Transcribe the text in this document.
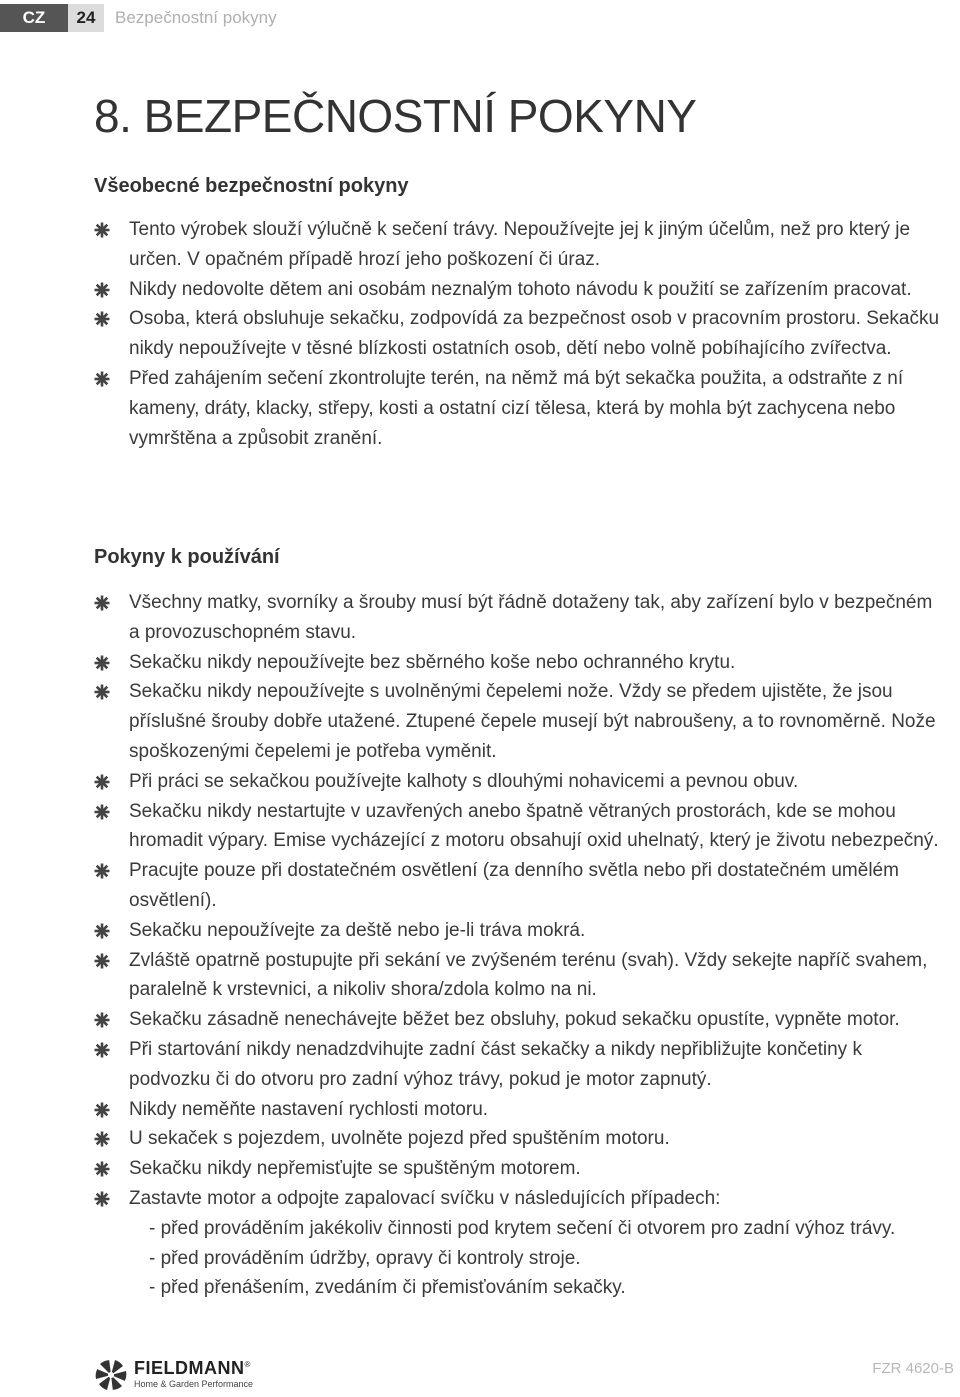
CZ	24	Bezpečnostní pokyny
8. BEZPEČNOSTNÍ POKYNY
Všeobecné bezpečnostní pokyny
Tento výrobek slouží výlučně k sečení trávy. Nepoužívejte jej k jiným účelům, než pro který je určen. V opačném případě hrozí jeho poškození či úraz.
Nikdy nedovolte dětem ani osobám neznalým tohoto návodu k použití se zařízením pracovat.
Osoba, která obsluhuje sekačku, zodpovídá za bezpečnost osob v pracovním prostoru. Sekačku nikdy nepoužívejte v těsné blízkosti ostatních osob, dětí nebo volně pobíhajícího zvířectva.
Před zahájením sečení zkontrolujte terén, na němž má být sekačka použita, a odstraňte z ní kameny, dráty, klacky, střepy, kosti a ostatní cizí tělesa, která by mohla být zachycena nebo vymrštěna a způsobit zranění.
Pokyny k používání
Všechny matky, svorníky a šrouby musí být řádně dotaženy tak, aby zařízení bylo v bezpečném a provozuschopném stavu.
Sekačku nikdy nepoužívejte bez sběrného koše nebo ochranného krytu.
Sekačku nikdy nepoužívejte s uvolněnými čepelemi nože. Vždy se předem ujistěte, že jsou příslušné šrouby dobře utažené. Ztupené čepele musejí být nabroušeny, a to rovnoměrně. Nože spoškozenými čepelemi je potřeba vyměnit.
Při práci se sekačkou používejte kalhoty s dlouhými nohavicemi a pevnou obuv.
Sekačku nikdy nestartujte v uzavřených anebo špatně větraných prostorách, kde se mohou hromadit výpary. Emise vycházející z motoru obsahují oxid uhelnatý, který je životu nebezpečný.
Pracujte pouze při dostatečném osvětlení (za denního světla nebo při dostatečném umělém osvětlení).
Sekačku nepoužívejte za deště nebo je-li tráva mokrá.
Zvláště opatrně postupujte při sekání ve zvýšeném terénu (svah). Vždy sekejte napříč svahem, paralelně k vrstevnici, a nikoliv shora/zdola kolmo na ni.
Sekačku zásadně nenechávejte běžet bez obsluhy, pokud sekačku opustíte, vypněte motor.
Při startování nikdy nenadzdvihujte zadní část sekačky a nikdy nepřibližujte končetiny k podvozku či do otvoru pro zadní výhoz trávy, pokud je motor zapnutý.
Nikdy neměňte nastavení rychlosti motoru.
U sekaček s pojezdem, uvolněte pojezd před spuštěním motoru.
Sekačku nikdy nepřemisťujte se spuštěným motorem.
Zastavte motor a odpojte zapalovací svíčku v následujících případech:
- před prováděním jakékoliv činnosti pod krytem sečení či otvorem pro zadní výhoz trávy.
- před prováděním údržby, opravy či kontroly stroje.
- před přenášením, zvedáním či přemisťováním sekačky.
FIELDMANN®
Home & Garden Performance
FZR 4620-B
